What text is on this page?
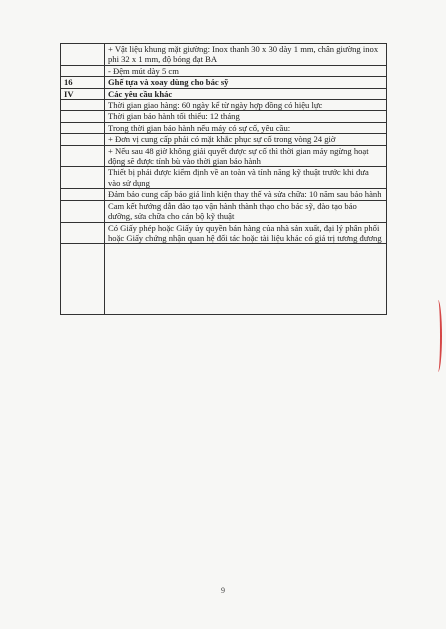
	+ Vật liệu khung mặt giường: Inox thanh 30 x 30 dày 1 mm, chân giường inox phi 32 x 1 mm, độ bóng đạt BA
	- Đệm mút dày 5 cm
16	Ghế tựa và xoay dùng cho bác sỹ
IV	Các yêu cầu khác
	Thời gian giao hàng: 60 ngày kể từ ngày hợp đồng có hiệu lực
	Thời gian bảo hành tối thiểu: 12 tháng
	Trong thời gian bảo hành nếu máy có sự cố, yêu cầu:
	+ Đơn vị cung cấp phải có mặt khắc phục sự cố trong vòng 24 giờ
	+ Nếu sau 48 giờ không giải quyết được sự cố thì thời gian máy ngừng hoạt động sẽ được tính bù vào thời gian bảo hành
	Thiết bị phải được kiểm định về an toàn và tính năng kỹ thuật trước khi đưa vào sử dụng
	Đảm bảo cung cấp báo giá linh kiện thay thế và sửa chữa: 10 năm sau bảo hành
	Cam kết hướng dẫn đào tạo vận hành thành thạo cho bác sỹ, đào tạo bảo dưỡng, sửa chữa cho cán bộ kỹ thuật
	Có Giấy phép hoặc Giấy ủy quyền bán hàng của nhà sản xuất, đại lý phân phối hoặc Giấy chứng nhận quan hệ đối tác hoặc tài liệu khác có giá trị tương đương

9
